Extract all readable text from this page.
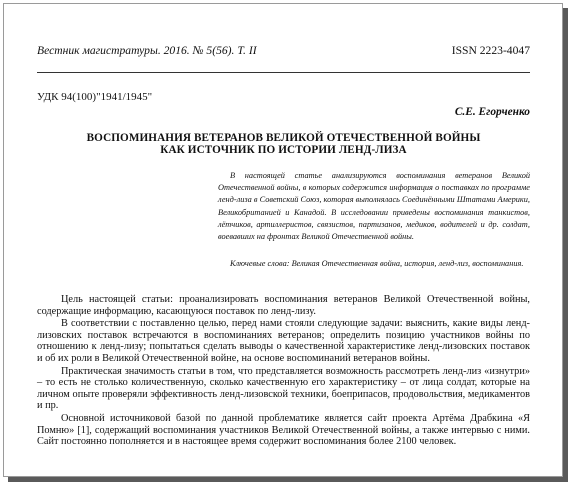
Вестник магистратуры. 2016. № 5(56). Т. II	ISSN 2223-4047
УДК 94(100)"1941/1945"
С.Е. Егорченко
ВОСПОМИНАНИЯ ВЕТЕРАНОВ ВЕЛИКОЙ ОТЕЧЕСТВЕННОЙ ВОЙНЫ
КАК ИСТОЧНИК ПО ИСТОРИИ ЛЕНД-ЛИЗА
В настоящей статье анализируются воспоминания ветеранов Великой Отечественной войны, в которых содержится информация о поставках по программе ленд-лиза в Советский Союз, которая выполнялась Соединёнными Штатами Америки, Великобританией и Канадой. В исследовании приведены воспоминания танкистов, лётчиков, артиллеристов, связистов, партизанов, медиков, водителей и др. солдат, воевавших на фронтах Великой Отечественной войны.
Ключевые слова: Великая Отечественная война, история, ленд-лиз, воспоминания.

Цель настоящей статьи: проанализировать воспоминания ветеранов Великой Отечественной войны, содержащие информацию, касающуюся поставок по ленд-лизу.

В соответствии с поставленно целью, перед нами стояли следующие задачи: выяснить, какие виды ленд-лизовских поставок встречаются в воспоминаниях ветеранов; определить позицию участников войны по отношению к ленд-лизу; попытаться сделать выводы о качественной характеристике ленд-лизовских поставок и об их роли в Великой Отечественной войне, на основе воспоминаний ветеранов войны.

Практическая значимость статьи в том, что представляется возможность рассмотреть ленд-лиз «изнутри» – то есть не столько количественную, сколько качественную его характеристику – от лица солдат, которые на личном опыте проверяли эффективность ленд-лизовской техники, боеприпасов, продовольствия, медикаментов и пр.

Основной источниковой базой по данной проблематике является сайт проекта Артёма Драбкина «Я Помню» [1], содержащий воспоминания участников Великой Отечественной войны, а также интервью с ними. Сайт постоянно пополняется и в настоящее время содержит воспоминания более 2100 человек.
